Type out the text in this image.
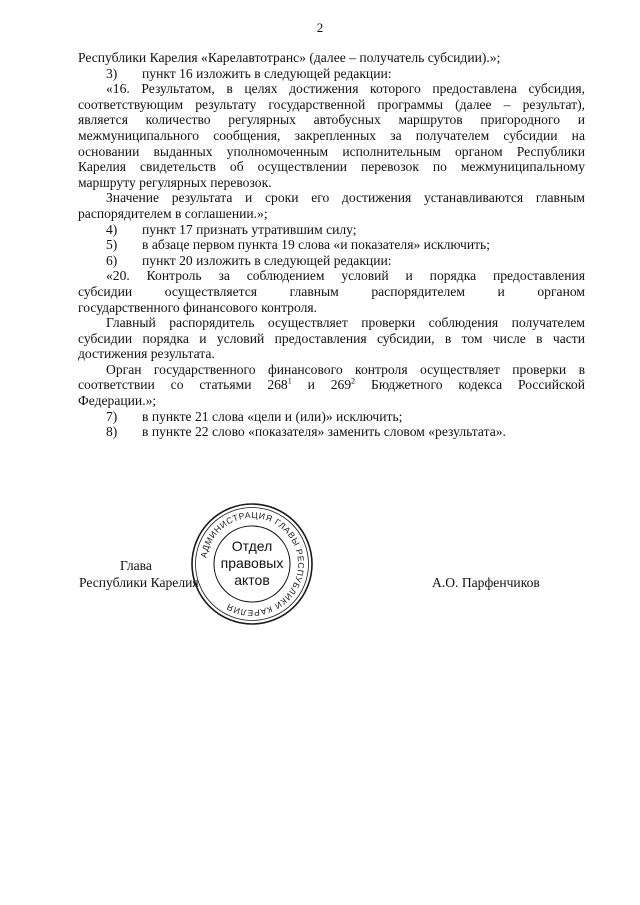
2
Республики Карелия «Карелавтотранс» (далее – получатель субсидии).»;
3)	пункт 16 изложить в следующей редакции:
«16. Результатом, в целях достижения которого предоставлена субсидия,
соответствующим результату государственной программы (далее – результат),
является количество регулярных автобусных маршрутов пригородного и
межмуниципального сообщения, закрепленных за получателем субсидии на
основании выданных уполномоченным исполнительным органом Республики
Карелия свидетельств об осуществлении перевозок по межмуниципальному
маршруту регулярных перевозок.
Значение результата и сроки его достижения устанавливаются главным
распорядителем в соглашении.»;
4)	пункт 17 признать утратившим силу;
5)	в абзаце первом пункта 19 слова «и показателя» исключить;
6)	пункт 20 изложить в следующей редакции:
«20. Контроль за соблюдением условий и порядка предоставления
субсидии осуществляется главным распорядителем и органом
государственного финансового контроля.
Главный распорядитель осуществляет проверки соблюдения получателем
субсидии порядка и условий предоставления субсидии, в том числе в части
достижения результата.
Орган государственного финансового контроля осуществляет проверки в
соответствии со статьями $268^1$ и $269^2$ Бюджетного кодекса Российской
Федерации.»;
7)	в пункте 21 слова «цели и (или)» исключить;
8)	в пункте 22 слово «показателя» заменить словом «результата».
Глава
Республики Карелия	А.О. Парфенчиков
АДМИНИСТРАЦИЯ ГЛАВЫ РЕСПУБЛИКИ КАРЕЛИЯ
Отдел
правовых
актов
